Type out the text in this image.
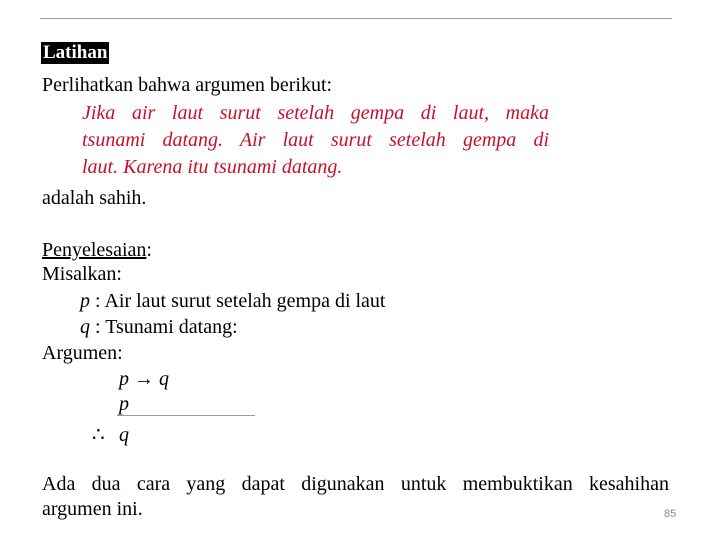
Latihan
Perlihatkan bahwa argumen berikut:
Jika air laut surut setelah gempa di laut, maka
tsunami datang. Air laut surut setelah gempa di
laut. Karena itu tsunami datang.
adalah sahih.
Penyelesaian:
Misalkan:
p : Air laut surut setelah gempa di laut
q : Tsunami datang:
Argumen:
p → q
p
∴ q
Ada dua cara yang dapat digunakan untuk membuktikan kesahihan
argumen ini.	85
